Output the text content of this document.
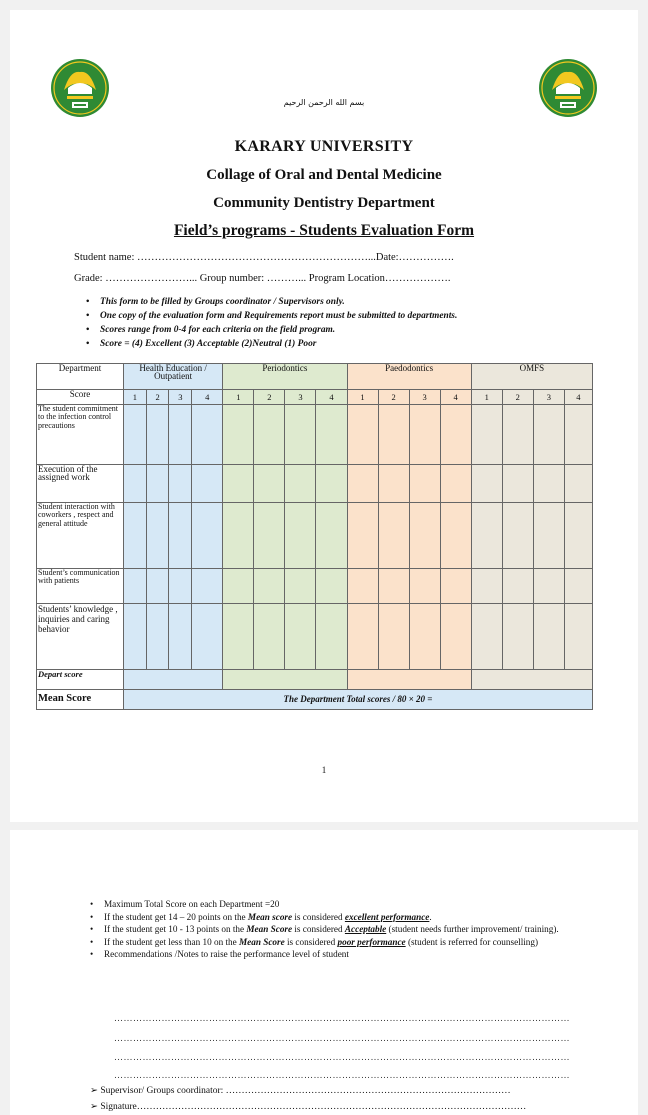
بسم الله الرحمن الرحيم
KARARY UNIVERSITY
Collage of Oral and Dental Medicine
Community Dentistry Department
Field’s programs - Students Evaluation Form
Student name: …………………………………………………………...Date:…………….
Grade: ……………………... Group number: ………... Program Location……………….
• This form to be filled by Groups coordinator / Supervisors only.
• One copy of the evaluation form and Requirements report must be submitted to departments.
• Scores range from 0-4 for each criteria on the field program.
• Score = (4) Excellent (3) Acceptable (2)Neutral (1) Poor
Department	Health Education / Outpatient				Periodontics				Paedodontics				OMFS			
Score	1	2	3	4	1	2	3	4	1	2	3	4	1	2	3	4
The student commitment to the infection control precautions																
Execution of the assigned work																
Student interaction with coworkers , respect and general attitude																
Student’s communication with patients																
Students’ knowledge , inquiries and caring behavior																
Depart score																
Mean Score	The Department Total scores / 80 × 20 =															
1
• Maximum Total Score on each Department =20
• If the student get 14 – 20 points on the Mean score is considered excellent performance.
• If the student get 10 - 13 points on the Mean Score is considered Acceptable (student needs further improvement/ training).
• If the student get less than 10 on the Mean Score is considered poor performance (student is referred for counselling)
• Recommendations /Notes to raise the performance level of student
………………………………………………………………………………………………………………………………
………………………………………………………………………………………………………………………………
………………………………………………………………………………………………………………………………
………………………………………………………………………………………………………………………………
➢ Supervisor/ Groups coordinator: ………………………………………………………………………………
➢ Signature……………………………………………………………………………………………………………
